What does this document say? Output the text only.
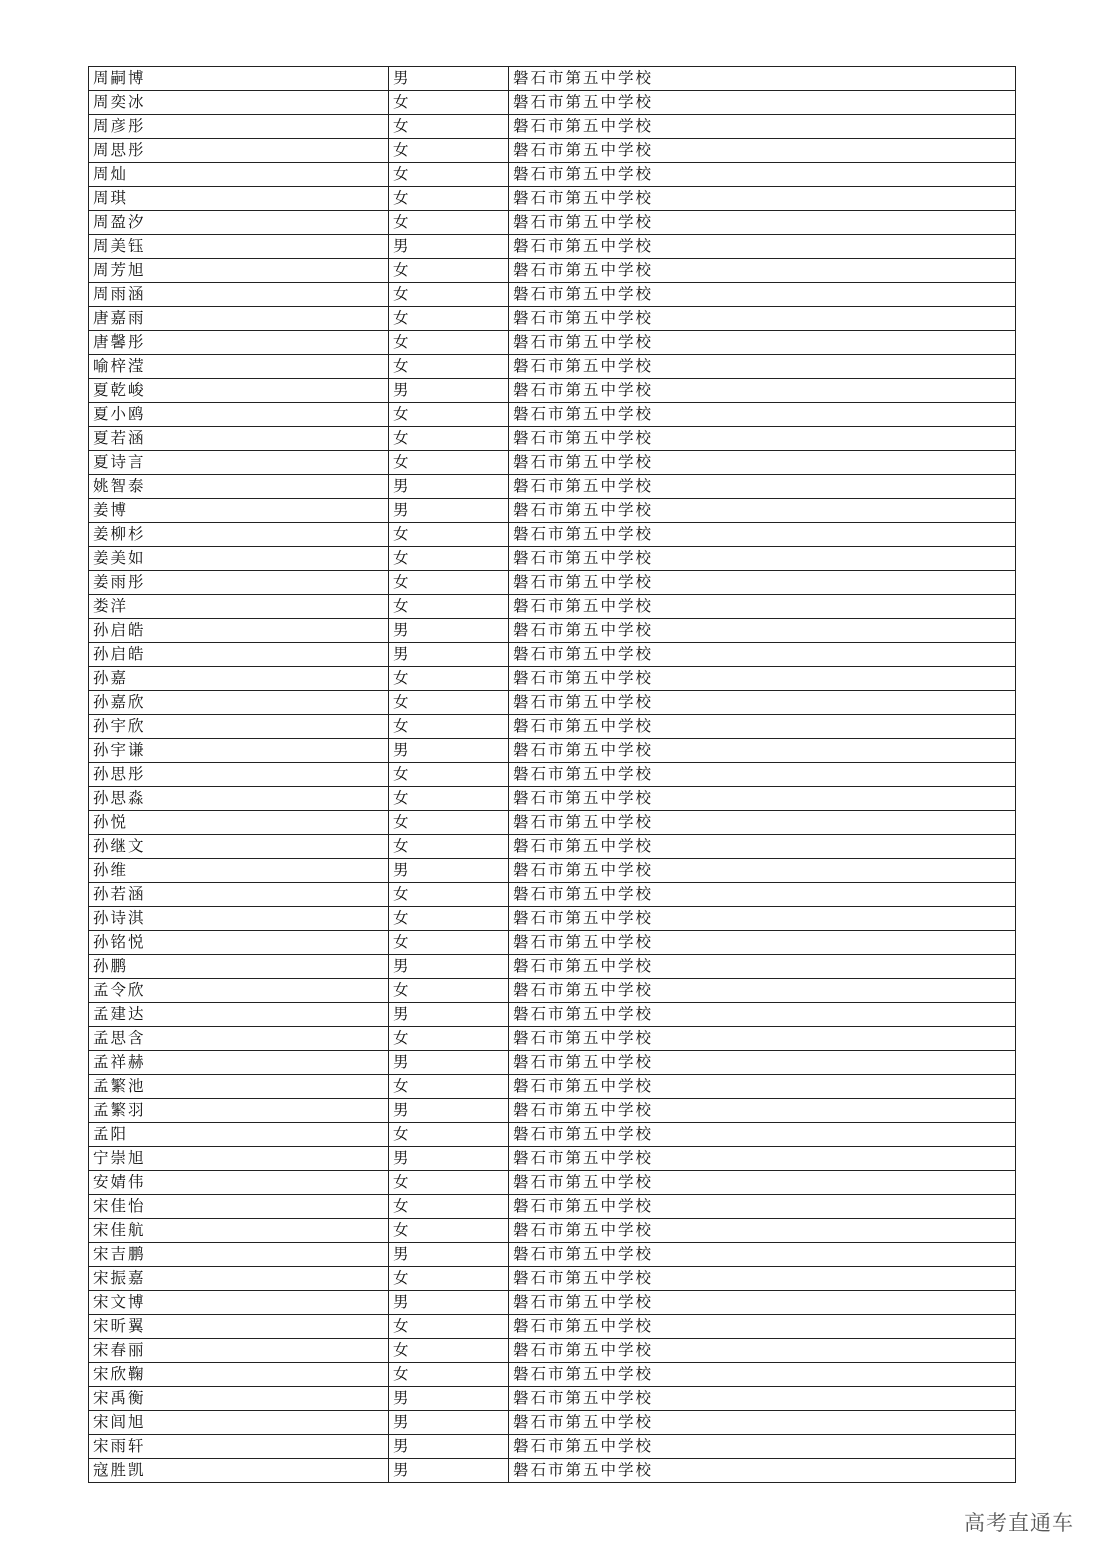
周嗣博	男	磐石市第五中学校
周奕冰	女	磐石市第五中学校
周彦彤	女	磐石市第五中学校
周思彤	女	磐石市第五中学校
周灿	女	磐石市第五中学校
周琪	女	磐石市第五中学校
周盈汐	女	磐石市第五中学校
周美钰	男	磐石市第五中学校
周芳旭	女	磐石市第五中学校
周雨涵	女	磐石市第五中学校
唐嘉雨	女	磐石市第五中学校
唐馨彤	女	磐石市第五中学校
喻梓滢	女	磐石市第五中学校
夏乾峻	男	磐石市第五中学校
夏小鸥	女	磐石市第五中学校
夏若涵	女	磐石市第五中学校
夏诗言	女	磐石市第五中学校
姚智泰	男	磐石市第五中学校
姜博	男	磐石市第五中学校
姜柳杉	女	磐石市第五中学校
姜美如	女	磐石市第五中学校
姜雨彤	女	磐石市第五中学校
娄洋	女	磐石市第五中学校
孙启皓	男	磐石市第五中学校
孙启皓	男	磐石市第五中学校
孙嘉	女	磐石市第五中学校
孙嘉欣	女	磐石市第五中学校
孙宇欣	女	磐石市第五中学校
孙宇谦	男	磐石市第五中学校
孙思彤	女	磐石市第五中学校
孙思淼	女	磐石市第五中学校
孙悦	女	磐石市第五中学校
孙继文	女	磐石市第五中学校
孙维	男	磐石市第五中学校
孙若涵	女	磐石市第五中学校
孙诗淇	女	磐石市第五中学校
孙铭悦	女	磐石市第五中学校
孙鹏	男	磐石市第五中学校
孟令欣	女	磐石市第五中学校
孟建达	男	磐石市第五中学校
孟思含	女	磐石市第五中学校
孟祥赫	男	磐石市第五中学校
孟繁池	女	磐石市第五中学校
孟繁羽	男	磐石市第五中学校
孟阳	女	磐石市第五中学校
宁崇旭	男	磐石市第五中学校
安婧伟	女	磐石市第五中学校
宋佳怡	女	磐石市第五中学校
宋佳航	女	磐石市第五中学校
宋吉鹏	男	磐石市第五中学校
宋振嘉	女	磐石市第五中学校
宋文博	男	磐石市第五中学校
宋昕翼	女	磐石市第五中学校
宋春丽	女	磐石市第五中学校
宋欣鞠	女	磐石市第五中学校
宋禹衡	男	磐石市第五中学校
宋闾旭	男	磐石市第五中学校
宋雨轩	男	磐石市第五中学校
寇胜凯	男	磐石市第五中学校
高考直通车
